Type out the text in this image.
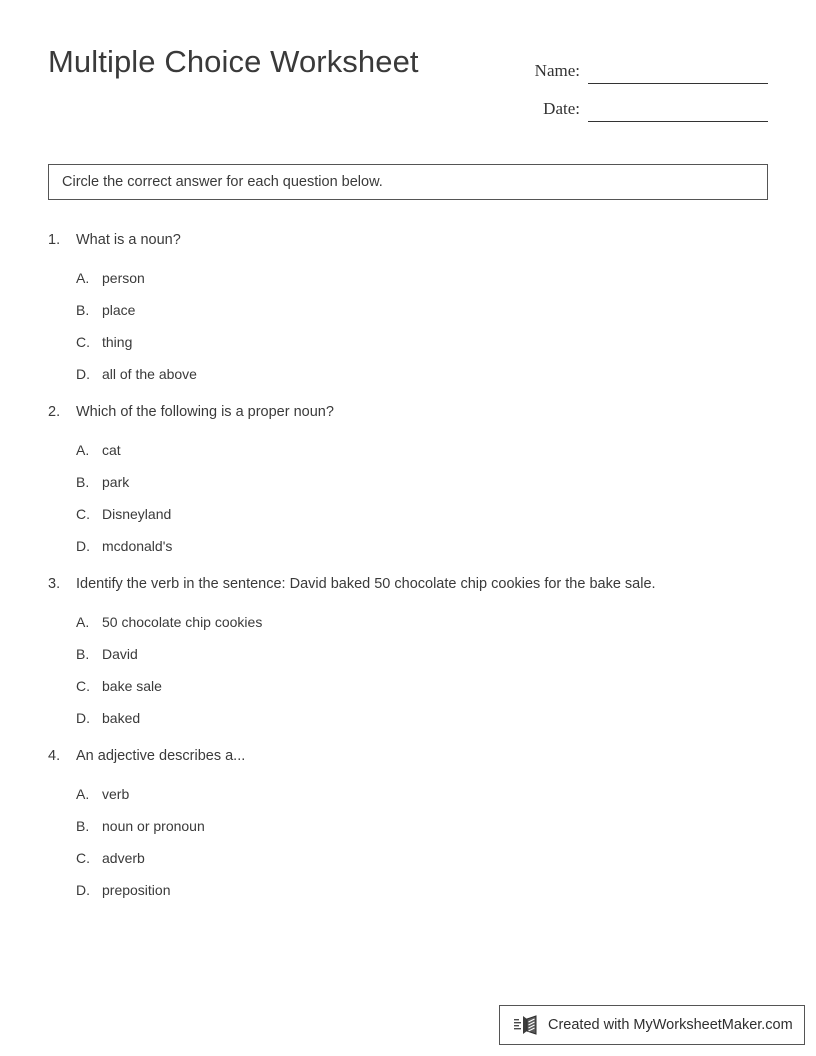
Multiple Choice Worksheet	Name:
Date:
Circle the correct answer for each question below.
1.	What is a noun?
A. person
B. place
C. thing
D. all of the above
2.	Which of the following is a proper noun?
A. cat
B. park
C. Disneyland
D. mcdonald's
3.	Identify the verb in the sentence: David baked 50 chocolate chip cookies for the bake sale.
A. 50 chocolate chip cookies
B. David
C. bake sale
D. baked
4.	An adjective describes a...
A. verb
B. noun or pronoun
C. adverb
D. preposition
Created with MyWorksheetMaker.com
